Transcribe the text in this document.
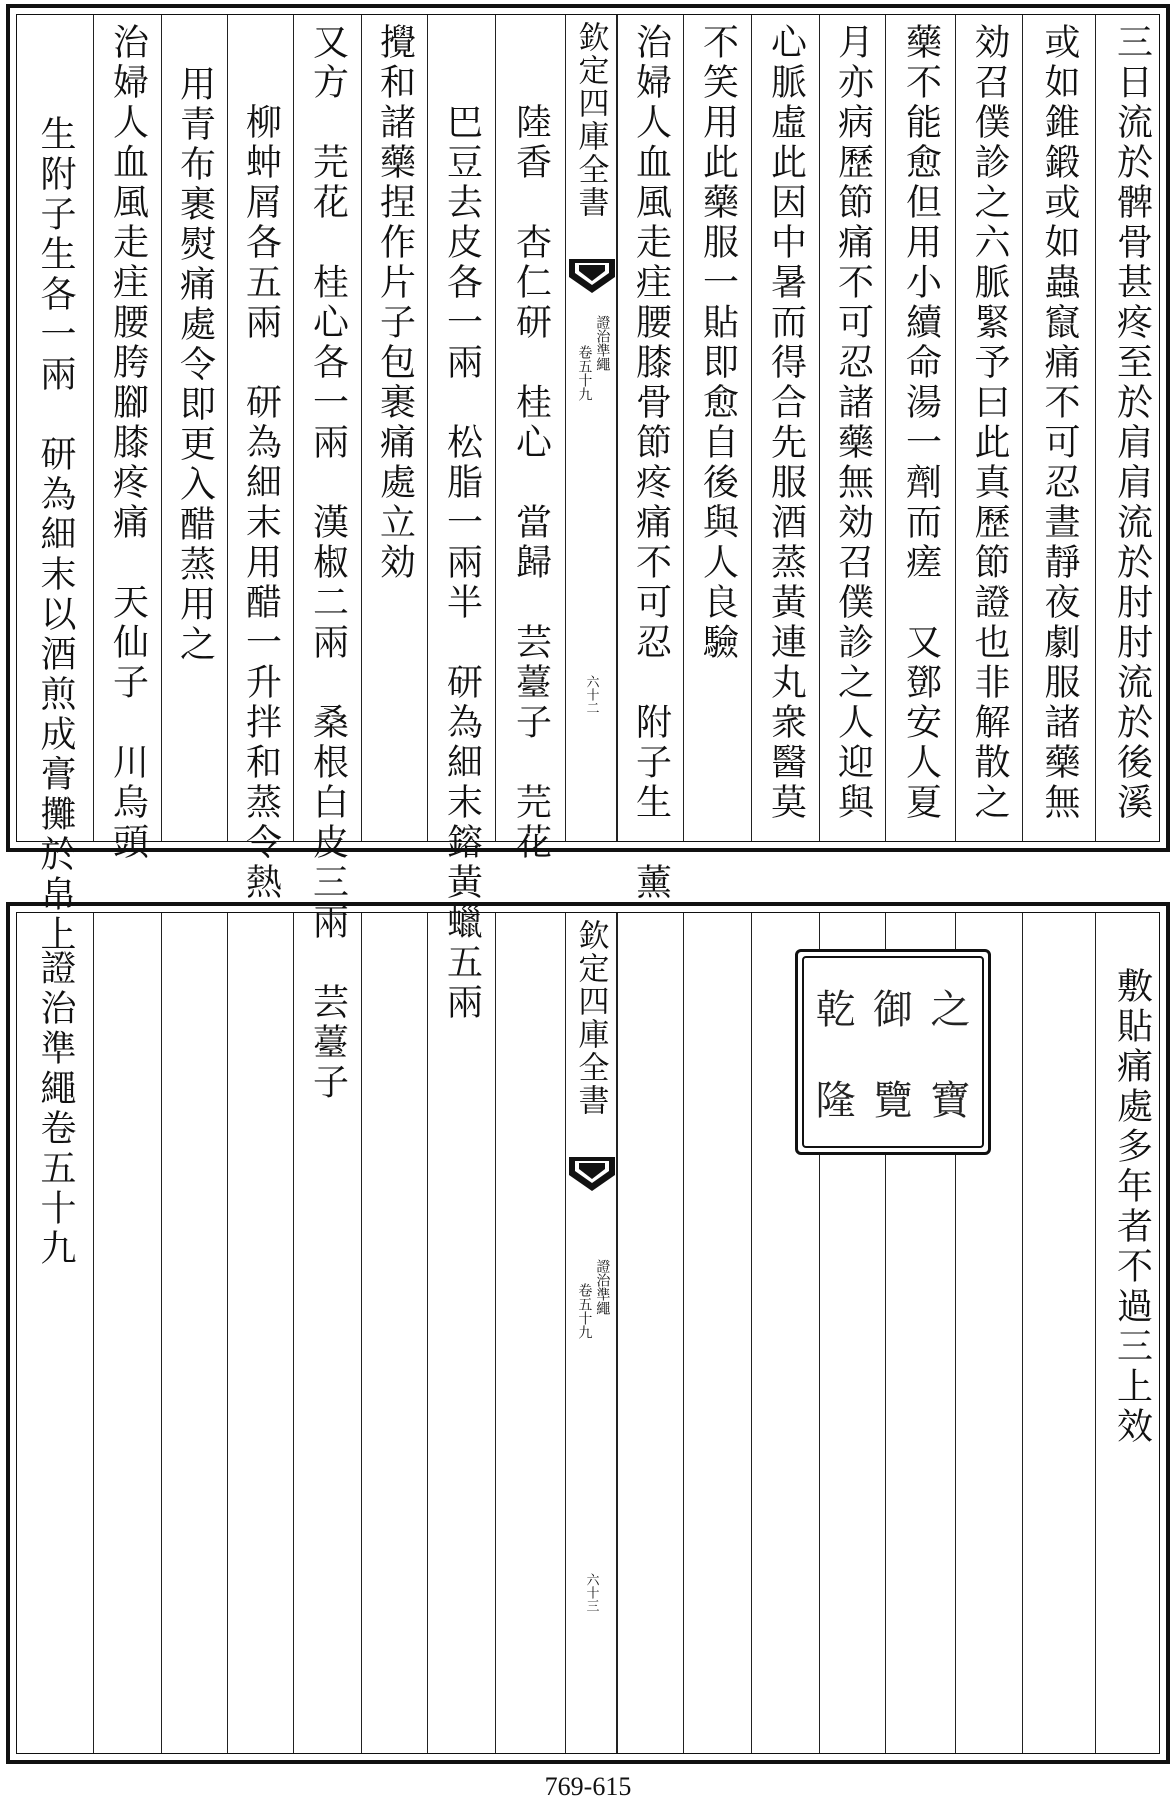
三日流於髀骨甚疼至於肩肩流於肘肘流於後溪
或如錐鍛或如蟲竄痛不可忍晝靜夜劇服諸藥無
効召僕診之六脈緊予曰此真歷節證也非解散之
藥不能愈但用小續命湯一劑而瘥　又鄧安人夏
月亦病歷節痛不可忍諸藥無効召僕診之人迎與
心脈虛此因中暑而得合先服酒蒸黃連丸衆醫莫
不笑用此藥服一貼即愈自後與人良驗
治婦人血風走疰腰膝骨節疼痛不可忍　附子生　薰
欽定四庫全書
證治準繩
卷五十九
六十二
陸香　杏仁研　桂心　當歸　芸薹子　芫花
巴豆去皮各一兩　松脂一兩半　研為細末鎔黃蠟五兩
攪和諸藥捏作片子包裹痛處立効
又方　芫花　桂心各一兩　漢椒二兩　桑根白皮三兩　芸薹子
柳蚛屑各五兩　研為細末用醋一升拌和蒸令熱
用青布裹熨痛處令即更入醋蒸用之
治婦人血風走疰腰胯腳膝疼痛　天仙子　川烏頭
生附子生各一兩　研為細末以酒煎成膏攤於帛上
敷貼痛處多年者不過三上效
乾 御 之
隆 覽 寶
欽定四庫全書
證治準繩
卷五十九
六十三
證治準繩卷五十九
769-615
